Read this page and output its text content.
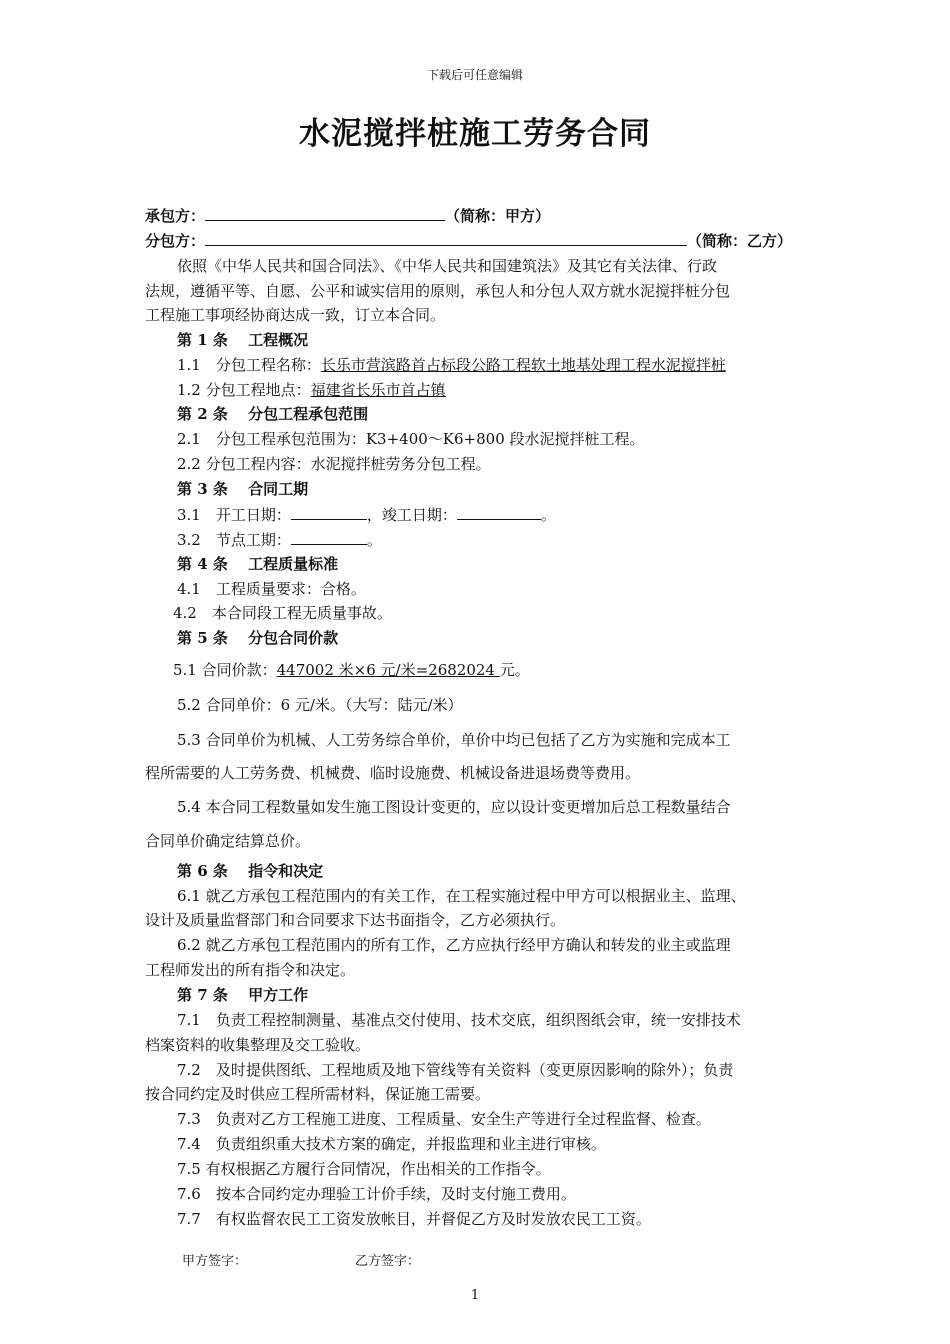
下载后可任意编辑
水泥搅拌桩施工劳务合同
承包方：	（简称：甲方）
分包方：	（简称：乙方）
依照《中华人民共和国合同法》、《中华人民共和国建筑法》及其它有关法律、行政
法规，遵循平等、自愿、公平和诚实信用的原则，承包人和分包人双方就水泥搅拌桩分包
工程施工事项经协商达成一致，订立本合同。
第 1 条　 工程概况
1.1　分包工程名称：长乐市营滨路首占标段公路工程软土地基处理工程水泥搅拌桩
1.2 分包工程地点：福建省长乐市首占镇
第 2 条　 分包工程承包范围
2.1　分包工程承包范围为：K3+400～K6+800 段水泥搅拌桩工程。
2.2 分包工程内容：水泥搅拌桩劳务分包工程。
第 3 条　 合同工期
3.1　开工日期：	，竣工日期：	。
3.2　节点工期：	。
第 4 条　 工程质量标准
4.1　工程质量要求：合格。
4.2　本合同段工程无质量事故。
第 5 条　 分包合同价款
5.1 合同价款：447002 米×6 元/米=2682024 元。
5.2 合同单价：6 元/米。（大写：陆元/米）
5.3 合同单价为机械、人工劳务综合单价，单价中均已包括了乙方为实施和完成本工
程所需要的人工劳务费、机械费、临时设施费、机械设备进退场费等费用。
5.4 本合同工程数量如发生施工图设计变更的，应以设计变更增加后总工程数量结合
合同单价确定结算总价。
第 6 条　 指令和决定
6.1 就乙方承包工程范围内的有关工作，在工程实施过程中甲方可以根据业主、监理、
设计及质量监督部门和合同要求下达书面指令，乙方必须执行。
6.2 就乙方承包工程范围内的所有工作，乙方应执行经甲方确认和转发的业主或监理
工程师发出的所有指令和决定。
第 7 条　 甲方工作
7.1　负责工程控制测量、基准点交付使用、技术交底，组织图纸会审，统一安排技术
档案资料的收集整理及交工验收。
7.2　及时提供图纸、工程地质及地下管线等有关资料（变更原因影响的除外）；负责
按合同约定及时供应工程所需材料，保证施工需要。
7.3　负责对乙方工程施工进度、工程质量、安全生产等进行全过程监督、检查。
7.4　负责组织重大技术方案的确定，并报监理和业主进行审核。
7.5 有权根据乙方履行合同情况，作出相关的工作指令。
7.6　按本合同约定办理验工计价手续，及时支付施工费用。
7.7　有权监督农民工工资发放帐目，并督促乙方及时发放农民工工资。
甲方签字：	乙方签字：
1
